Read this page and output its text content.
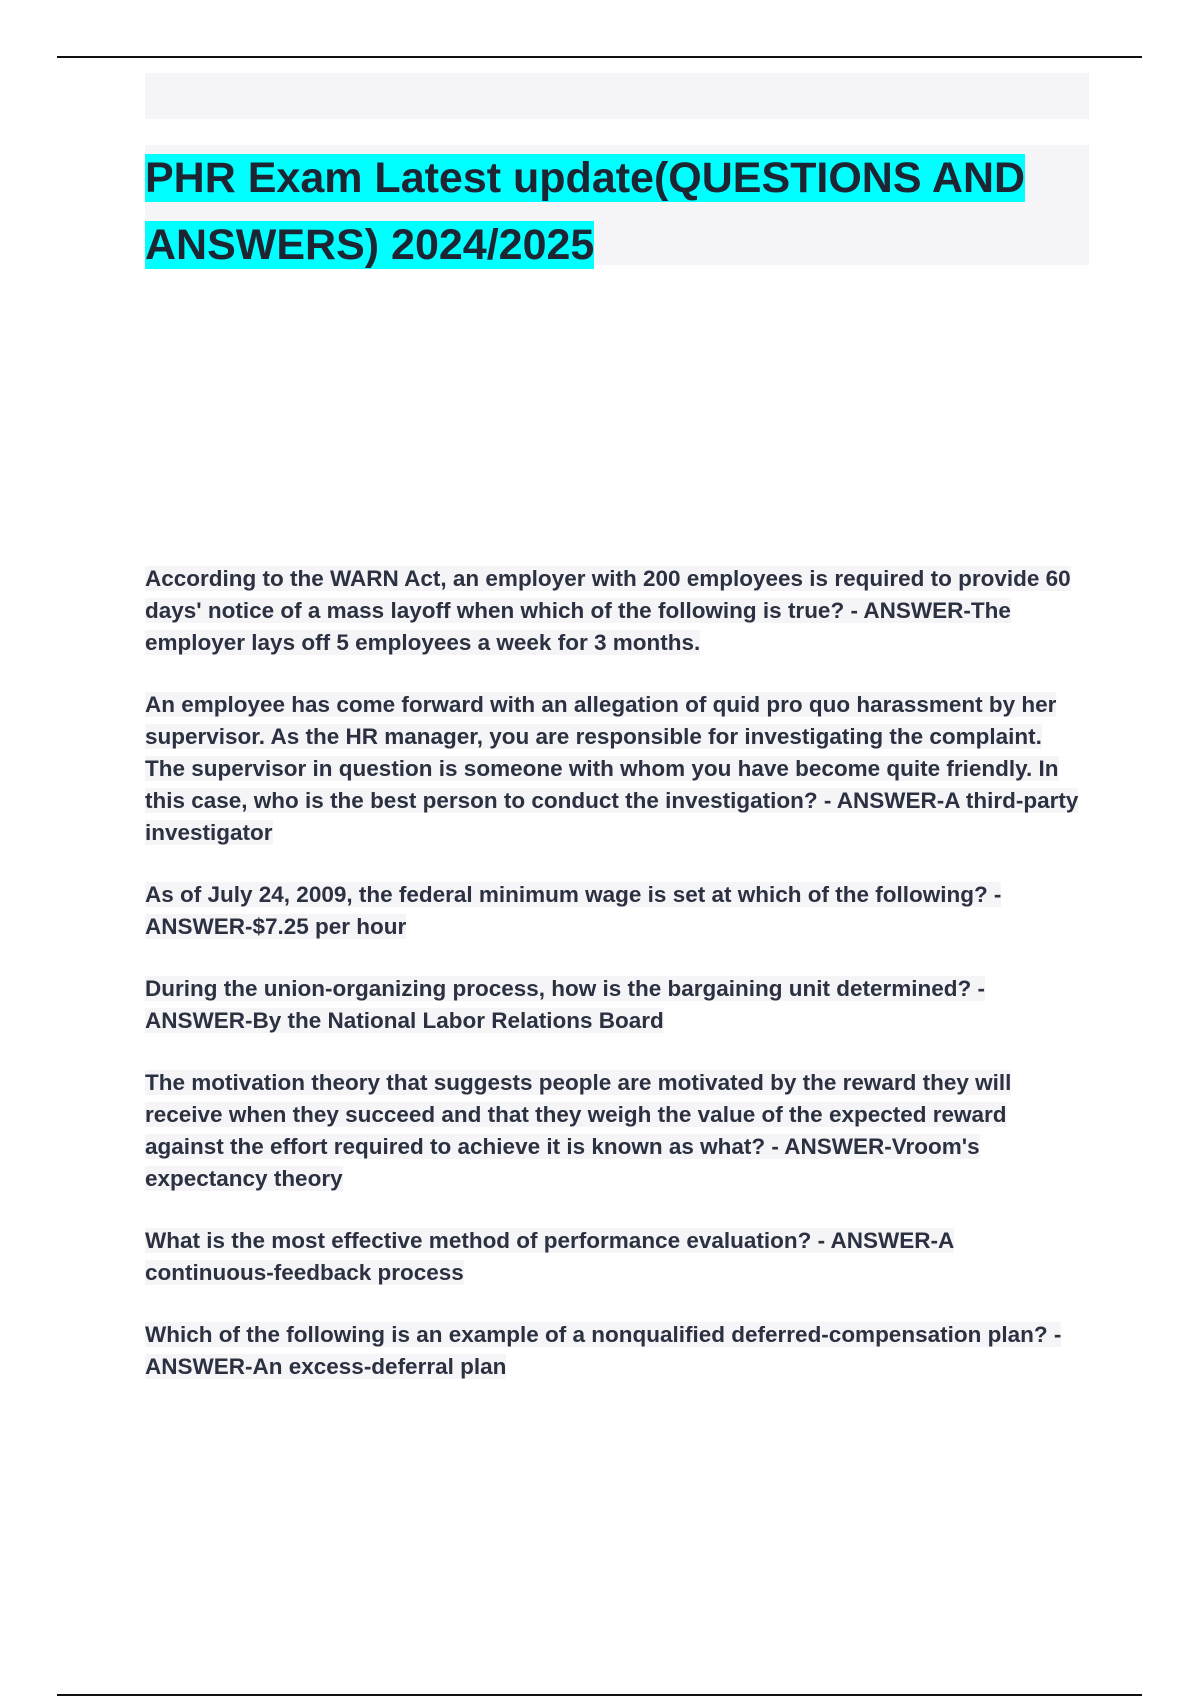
PHR Exam Latest update(QUESTIONS AND ANSWERS) 2024/2025

According to the WARN Act, an employer with 200 employees is required to provide 60 days' notice of a mass layoff when which of the following is true? - ANSWER-The employer lays off 5 employees a week for 3 months.

An employee has come forward with an allegation of quid pro quo harassment by her supervisor. As the HR manager, you are responsible for investigating the complaint. The supervisor in question is someone with whom you have become quite friendly. In this case, who is the best person to conduct the investigation? - ANSWER-A third-party investigator

As of July 24, 2009, the federal minimum wage is set at which of the following? - ANSWER-$7.25 per hour

During the union-organizing process, how is the bargaining unit determined? - ANSWER-By the National Labor Relations Board

The motivation theory that suggests people are motivated by the reward they will receive when they succeed and that they weigh the value of the expected reward against the effort required to achieve it is known as what? - ANSWER-Vroom's expectancy theory

What is the most effective method of performance evaluation? - ANSWER-A continuous-feedback process

Which of the following is an example of a nonqualified deferred-compensation plan? - ANSWER-An excess-deferral plan
